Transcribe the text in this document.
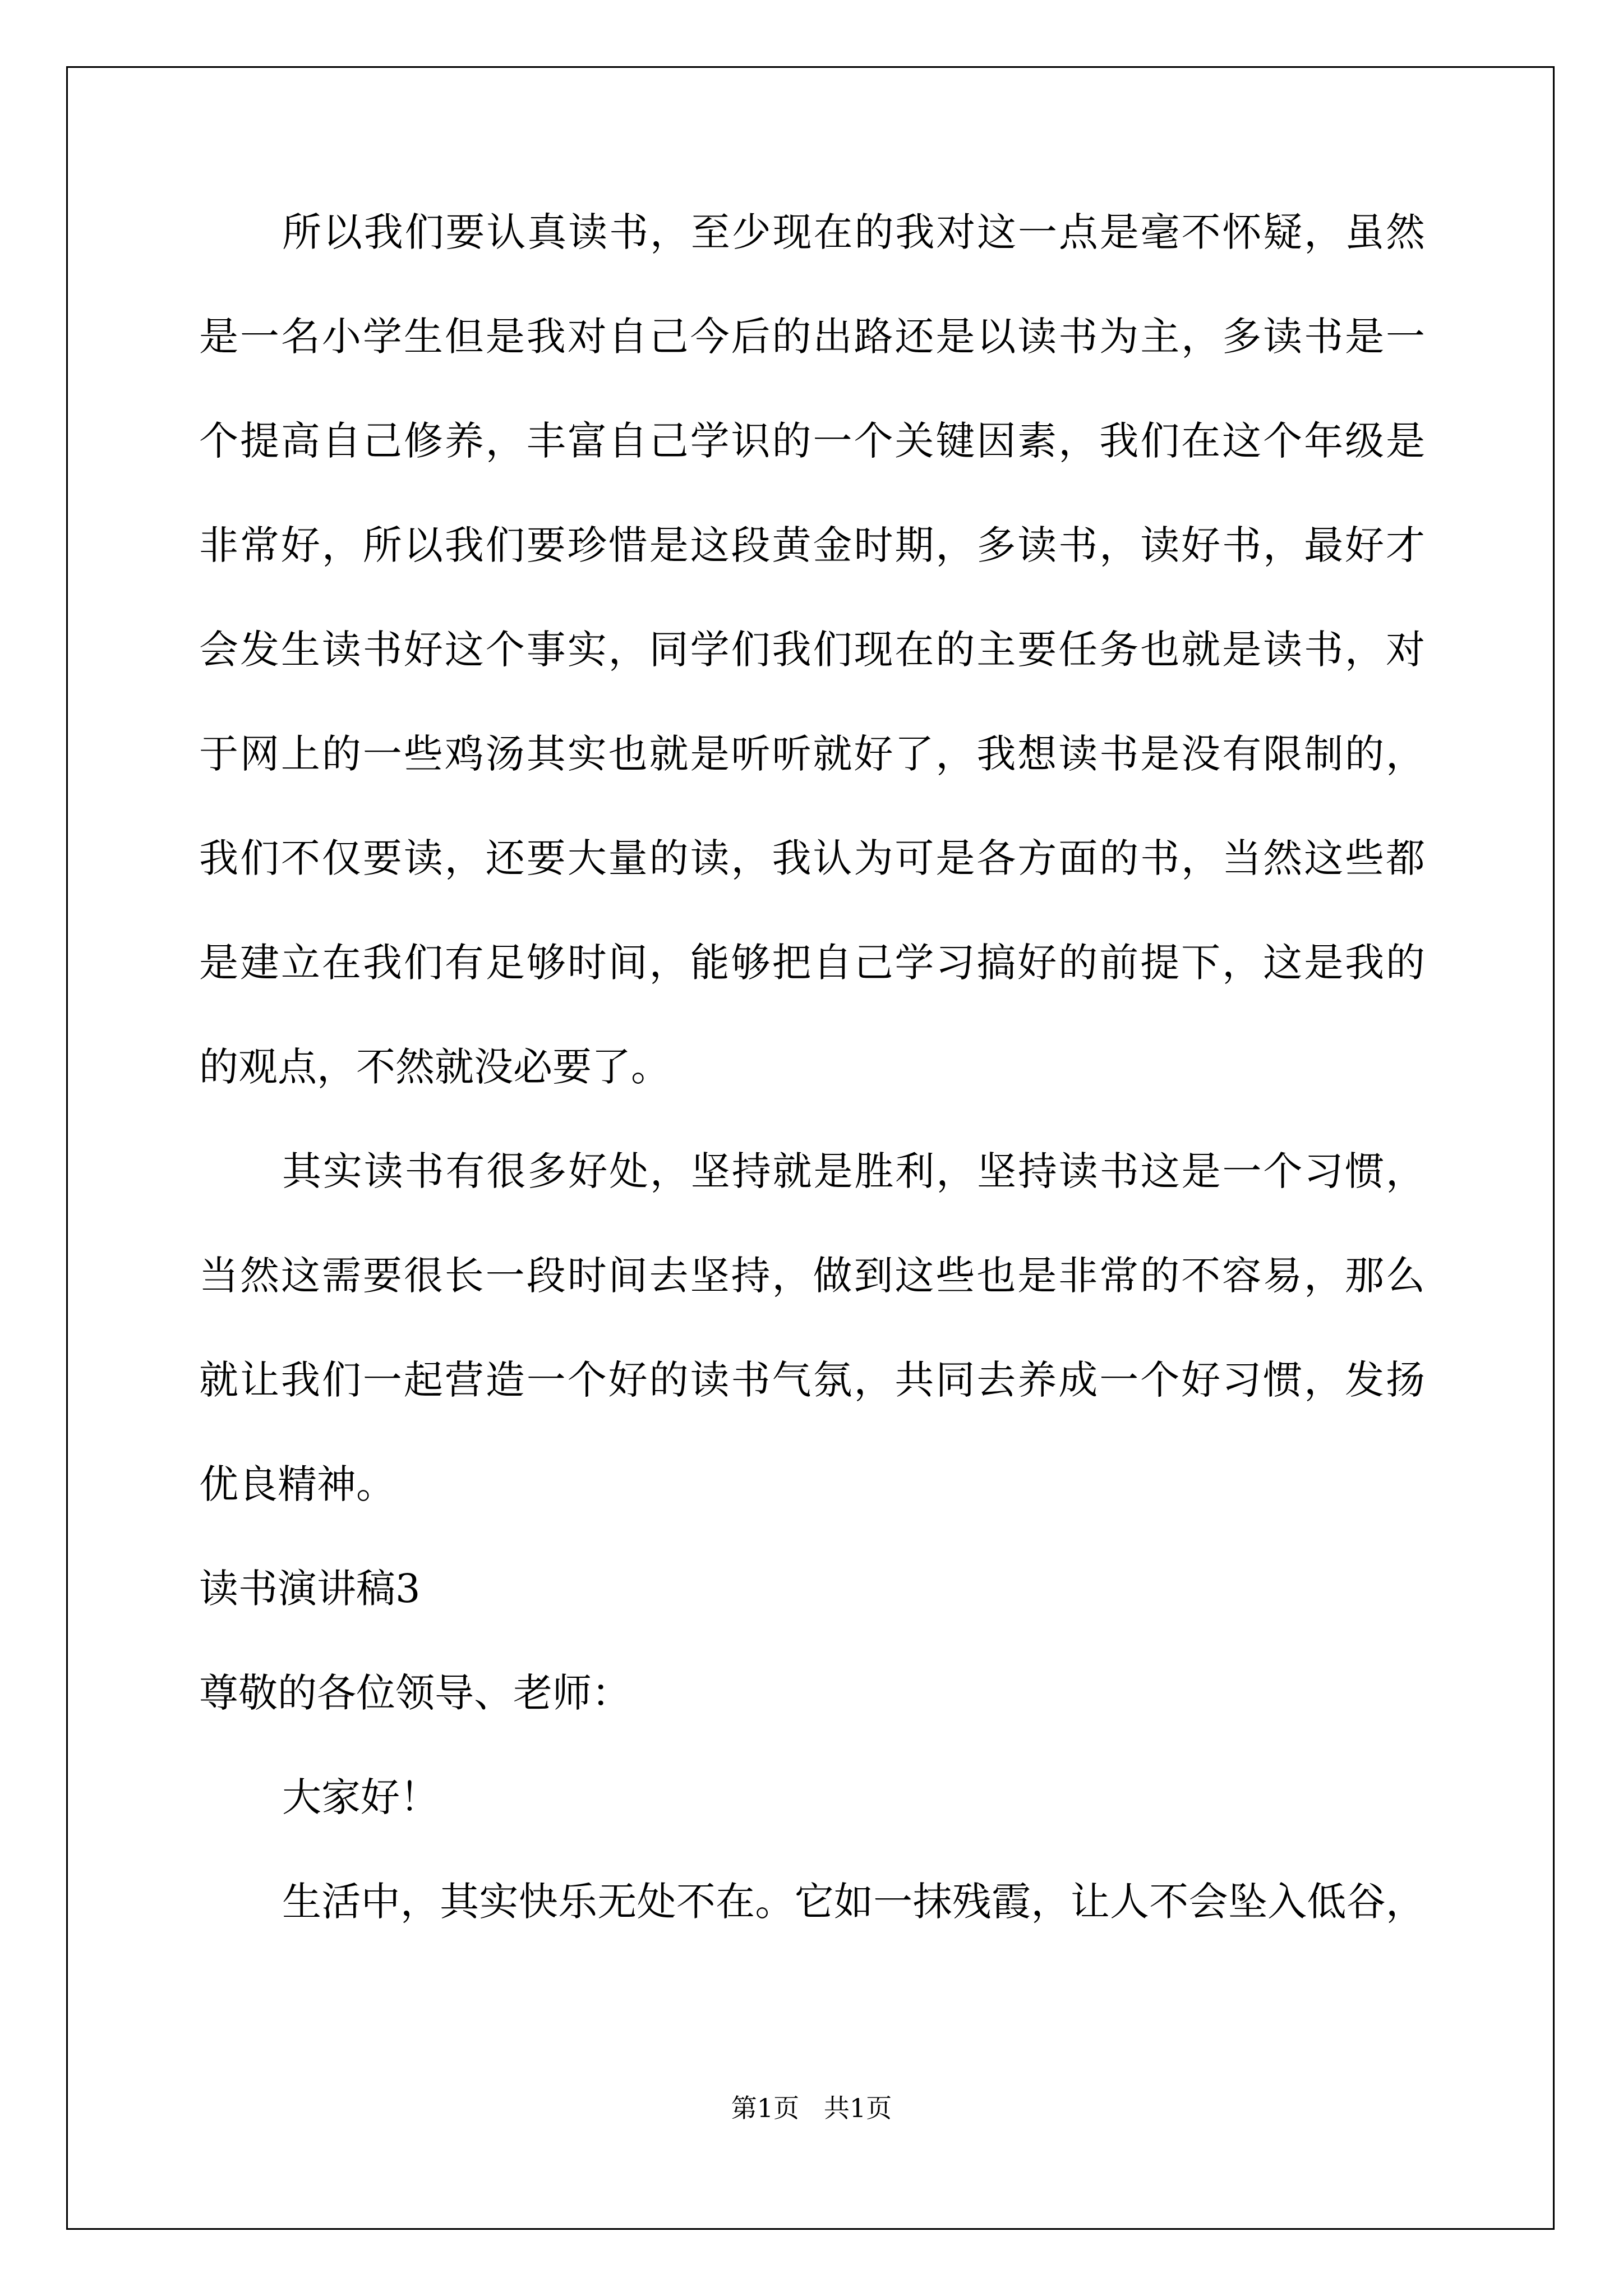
所以我们要认真读书，至少现在的我对这一点是毫不怀疑，虽然
是一名小学生但是我对自己今后的出路还是以读书为主，多读书是一
个提高自己修养，丰富自己学识的一个关键因素，我们在这个年级是
非常好，所以我们要珍惜是这段黄金时期，多读书，读好书，最好才
会发生读书好这个事实，同学们我们现在的主要任务也就是读书，对
于网上的一些鸡汤其实也就是听听就好了，我想读书是没有限制的，
我们不仅要读，还要大量的读，我认为可是各方面的书，当然这些都
是建立在我们有足够时间，能够把自己学习搞好的前提下，这是我的
的观点，不然就没必要了。
其实读书有很多好处，坚持就是胜利，坚持读书这是一个习惯，
当然这需要很长一段时间去坚持，做到这些也是非常的不容易，那么
就让我们一起营造一个好的读书气氛，共同去养成一个好习惯，发扬
优良精神。
读书演讲稿3
尊敬的各位领导、老师：
大家好！
生活中，其实快乐无处不在。它如一抹残霞，让人不会坠入低谷，
第1页   共1页
